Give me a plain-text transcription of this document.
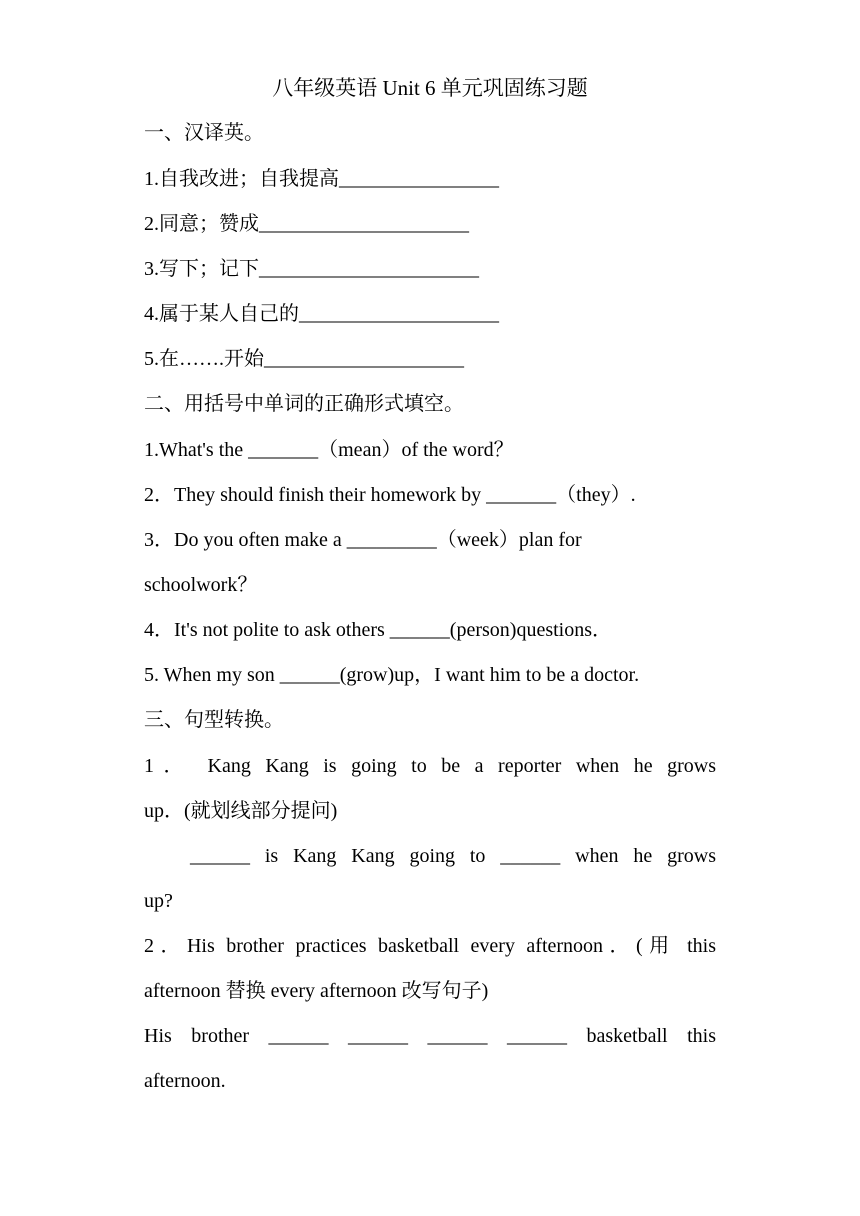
八年级英语 Unit 6 单元巩固练习题
一、汉译英。
1.自我改进；自我提高________________
2.同意；赞成_____________________
3.写下；记下______________________
4.属于某人自己的____________________
5.在…….开始____________________
二、用括号中单词的正确形式填空。
1.What's the _______（mean）of the word？
2．They should finish their homework by _______（they）.
3．Do you often make a _________（week）plan for
schoolwork？
4．It's not polite to ask others ______(person)questions．
5. When my son ______(grow)up，I want him to be a doctor.
三、句型转换。
1． Kang Kang is going to be a reporter when he grows
up．(就划线部分提问)
______ is Kang Kang going to ______ when he grows
up?
2．His brother practices basketball every afternoon．(用 this
afternoon 替换 every afternoon 改写句子)
His brother ______ ______ ______ ______ basketball this
afternoon.
